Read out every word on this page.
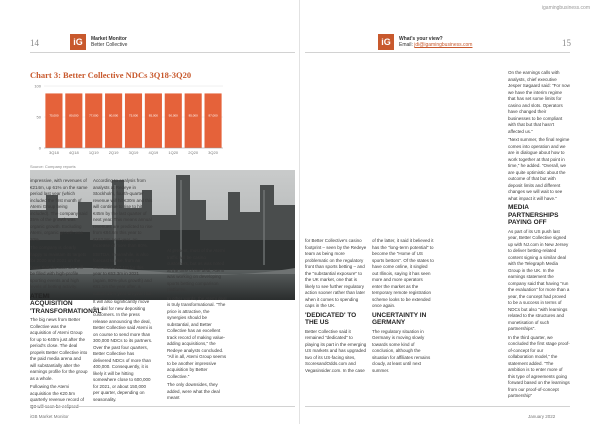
igamingbusiness.com
14	iG	Market Monitor
Better Collective	iG	What's your view?
Email: jdi@igamingbusiness.com	15
Chart 3: Better Collective NDCs 3Q18-3Q20
0
50
100
75,000
3Q18
80,000
4Q18
77,000
1Q19
80,000
2Q19
75,000
3Q19
85,000
4Q19
90,000
1Q20
85,000
2Q20
87,000
3Q20
Source: Company reports

impressive, with revenues of €214m, up 61% on the same period last year (which included the first month of Atemi Group being included). The company said 35% of the growth was organic growth. Excluding Atemi, organic growth was 20%.

The company is clearly happy to maintain its targets for 2020 and 2021 on the basis that the calendar will be filled with high-profile sporting events and high levels of betting activity.

ATEMI ACQUISITION 'TRANSFORMATIONAL'

The big news from Better Collective was the acquisition of Atemi Group for up to €40m just after the period's close. The deal propels Better Collective into the paid media arena and will substantially alter the earnings profile for the group as a whole.

Following the Atemi acquisition the €20.5m quarterly revenue record of

According to analysis from analysts at Redeye in Stockholm, fourth-quarter revenue will hit €30m and this will continue to rise to hit €45m by the last quarter of next year. This means annual revenues are predicted to rise from €84.6m this year to €163.9m next year, an increase of more than 80%.

EBITDA, meanwhile, is also forecast to rise, from an estimated €37.1m for this year to €63.3m in 2021 (again, 80%-plus growth) and €81.1m the year after, a further 25% year-on-year rise.

It will also significantly move the dial for new depositing customers. In the press release announcing the deal, Better Collective said Atemi is on course to send more than 300,000 NDCs to its partners. Over the past four quarters, Better Collective has delivered NDCs of more than 400,000. Consequently, it is likely it will be hitting somewhere close to 600,000 for 2021, or about 150,000 per quarter, depending on seasonality.

At present, most of the Atemi traffic will be casino customers, but as was noted at the time of the deal, Atemi was working on developing sports betting comparison platforms.

In other words, the Atemi deal is truly transformational. "The price is attractive, the synergies should be substantial, and Better Collective has an excellent track record of making value-adding acquisitions," the Redeye analysts concluded. "All in all, Atemi Group seems to be another impressive acquisition by Better Collective."

The only downsides, they added, were what the deal meant

for Better Collective's casino footprint – seen by the Redeye team as being more problematic on the regulatory front than sports betting – and the "substantial exposure" to the UK market, one that is likely to see further regulatory action sooner rather than later when it comes to spending caps in the UK.

'DEDICATED' TO THE US

Better Collective said it remained "dedicated" to playing its part in the emerging US markets and has upgraded two of its US-facing sites, ScoresandOdds.com and Vegasinsider.com. In the case

of the latter, it said it believed it has the "long-term potential" to become the "Home of US sports bettors". Of the states to have come online, it singled out Illinois, saying it has seen more and more operators enter the market as the temporary remote registration scheme looks to be extended once again.

UNCERTAINTY IN GERMANY

The regulatory situation in Germany is moving slowly towards some kind of conclusion, although the situation for affiliates remains cloudy, at least until next summer.

On the earnings calls with analysts, chief executive Jesper Søgaard said: "For now we have the interim regime that has set some limits for casino and slots. Operators have changed their businesses to be compliant with that but that hasn't affected us."

"Next summer, the final regime comes into operation and we are in dialogue about how to work together at that point in time," he added. "Overall, we are quite optimistic about the outcome of that but with deposit limits and different changes we will wait to see what impact it will have."

MEDIA PARTNERSHIPS PAYING OFF

As part of its US push last year, Better Collective signed up with NJ.com in New Jersey to deliver betting-related content signing a similar deal with the Telegraph Media Group in the UK. In the earnings statement the company said that having "run the evaluation" for more than a year, the concept had proved to be a success in terms of NDCs but also "with learnings related to the structures and monetisation of such partnerships".

In the third quarter, we concluded the first stage proof-of-concept for our collaboration model," the statement added. "The ambition is to enter more of this type of agreements going forward based on the learnings from our proof-of-concept partnership"

iGB Market Monitor	January 2022
